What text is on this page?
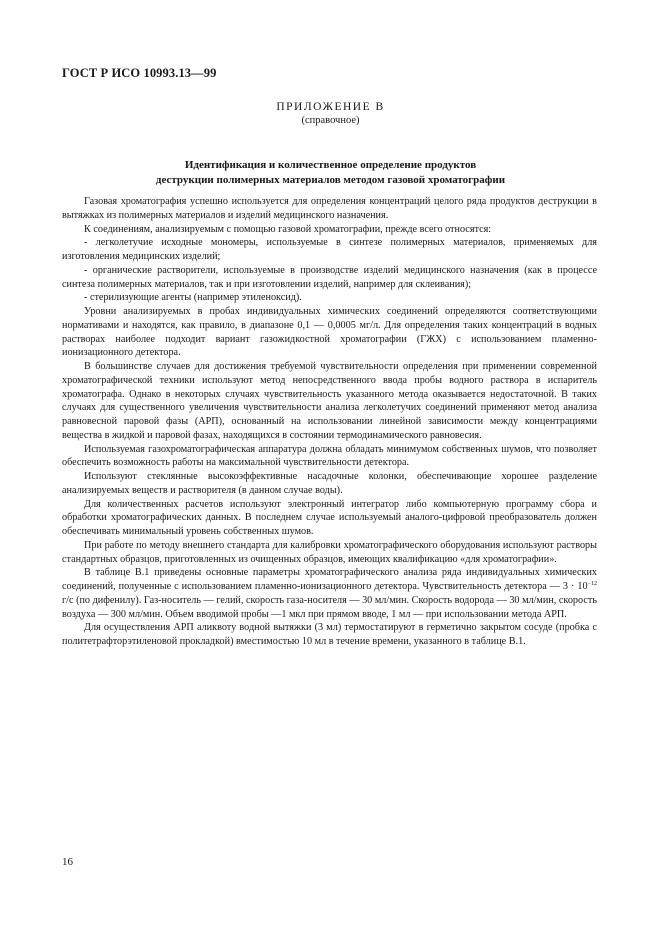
ГОСТ Р ИСО 10993.13—99
ПРИЛОЖЕНИЕ В
(справочное)
Идентификация и количественное определение продуктов
деструкции полимерных материалов методом газовой хроматографии

Газовая хроматография успешно используется для определения концентраций целого ряда продуктов деструкции в вытяжках из полимерных материалов и изделий медицинского назначения.

К соединениям, анализируемым с помощью газовой хроматографии, прежде всего относятся:

- легколетучие исходные мономеры, используемые в синтезе полимерных материалов, применяемых для изготовления медицинских изделий;

- органические растворители, используемые в производстве изделий медицинского назначения (как в процессе синтеза полимерных материалов, так и при изготовлении изделий, например для склеивания);

- стерилизующие агенты (например этиленоксид).

Уровни анализируемых в пробах индивидуальных химических соединений определяются соответствующими нормативами и находятся, как правило, в диапазоне 0,1 — 0,0005 мг/л. Для определения таких концентраций в водных растворах наиболее подходит вариант газожидкостной хроматографии (ГЖХ) с использованием пламенно-ионизационного детектора.

В большинстве случаев для достижения требуемой чувствительности определения при применении современной хроматографической техники используют метод непосредственного ввода пробы водного раствора в испаритель хроматографа. Однако в некоторых случаях чувствительность указанного метода оказывается недостаточной. В таких случаях для существенного увеличения чувствительности анализа легколетучих соединений применяют метод анализа равновесной паровой фазы (АРП), основанный на использовании линейной зависимости между концентрациями вещества в жидкой и паровой фазах, находящихся в состоянии термодинамического равновесия.

Используемая газохроматографическая аппаратура должна обладать минимумом собственных шумов, что позволяет обеспечить возможность работы на максимальной чувствительности детектора.

Используют стеклянные высокоэффективные насадочные колонки, обеспечивающие хорошее разделение анализируемых веществ и растворителя (в данном случае воды).

Для количественных расчетов используют электронный интегратор либо компьютерную программу сбора и обработки хроматографических данных. В последнем случае используемый аналого-цифровой преобразователь должен обеспечивать минимальный уровень собственных шумов.

При работе по методу внешнего стандарта для калибровки хроматографического оборудования используют растворы стандартных образцов, приготовленных из очищенных образцов, имеющих квалификацию «для хроматографии».

В таблице В.1 приведены основные параметры хроматографического анализа ряда индивидуальных химических соединений, полученные с использованием пламенно-ионизационного детектора. Чувствительность детектора — $3 \cdot 10^{-12}$ г/с (по дифенилу). Газ-носитель — гелий, скорость газа-носителя — 30 мл/мин. Скорость водорода — 30 мл/мин, скорость воздуха — 300 мл/мин. Объем вводимой пробы —1 мкл при прямом вводе, 1 мл — при использовании метода АРП.

Для осуществления АРП аликвоту водной вытяжки (3 мл) термостатируют в герметично закрытом сосуде (пробка с политетрафторэтиленовой прокладкой) вместимостью 10 мл в течение времени, указанного в таблице В.1.

16
